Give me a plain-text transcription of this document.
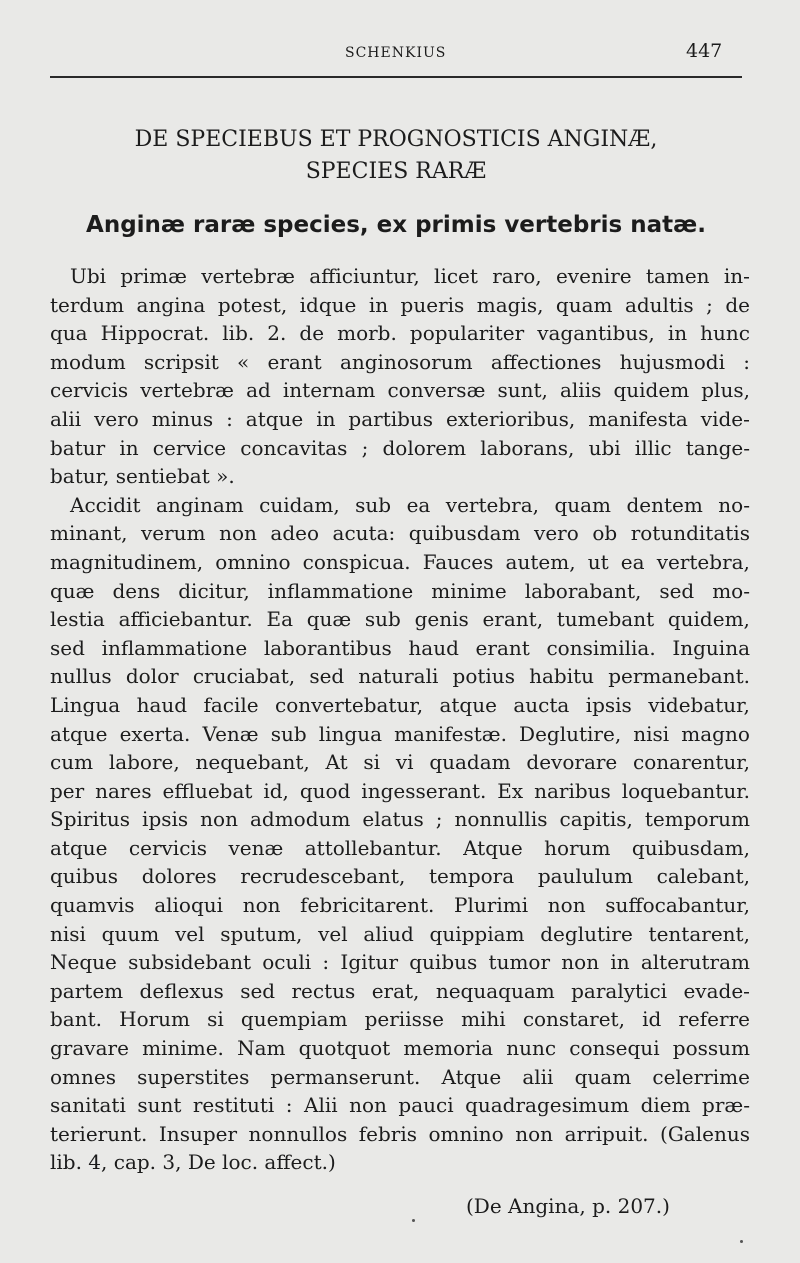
SCHENKIUS	447
DE SPECIEBUS ET PROGNOSTICIS ANGINÆ,
SPECIES RARÆ
Anginæ raræ species, ex primis vertebris natæ.
Ubi primæ vertebræ afficiuntur, licet raro, evenire tamen in-
terdum angina potest, idque in pueris magis, quam adultis ; de
qua Hippocrat. lib. 2. de morb. populariter vagantibus, in hunc
modum scripsit « erant anginosorum affectiones hujusmodi :
cervicis vertebræ ad internam conversæ sunt, aliis quidem plus,
alii vero minus : atque in partibus exterioribus, manifesta vide-
batur in cervice concavitas ; dolorem laborans, ubi illic tange-
batur, sentiebat ».
Accidit anginam cuidam, sub ea vertebra, quam dentem no-
minant, verum non adeo acuta: quibusdam vero ob rotunditatis
magnitudinem, omnino conspicua. Fauces autem, ut ea vertebra,
quæ dens dicitur, inflammatione minime laborabant, sed mo-
lestia afficiebantur. Ea quæ sub genis erant, tumebant quidem,
sed inflammatione laborantibus haud erant consimilia. Inguina
nullus dolor cruciabat, sed naturali potius habitu permanebant.
Lingua haud facile convertebatur, atque aucta ipsis videbatur,
atque exerta. Venæ sub lingua manifestæ. Deglutire, nisi magno
cum labore, nequebant, At si vi quadam devorare conarentur,
per nares effluebat id, quod ingesserant. Ex naribus loquebantur.
Spiritus ipsis non admodum elatus ; nonnullis capitis, temporum
atque cervicis venæ attollebantur. Atque horum quibusdam,
quibus dolores recrudescebant, tempora paululum calebant,
quamvis alioqui non febricitarent. Plurimi non suffocabantur,
nisi quum vel sputum, vel aliud quippiam deglutire tentarent,
Neque subsidebant oculi : Igitur quibus tumor non in alterutram
partem deflexus sed rectus erat, nequaquam paralytici evade-
bant. Horum si quempiam periisse mihi constaret, id referre
gravare minime. Nam quotquot memoria nunc consequi possum
omnes superstites permanserunt. Atque alii quam celerrime
sanitati sunt restituti : Alii non pauci quadragesimum diem præ-
terierunt. Insuper nonnullos febris omnino non arripuit. (Galenus
lib. 4, cap. 3, De loc. affect.)
(De Angina, p. 207.)
